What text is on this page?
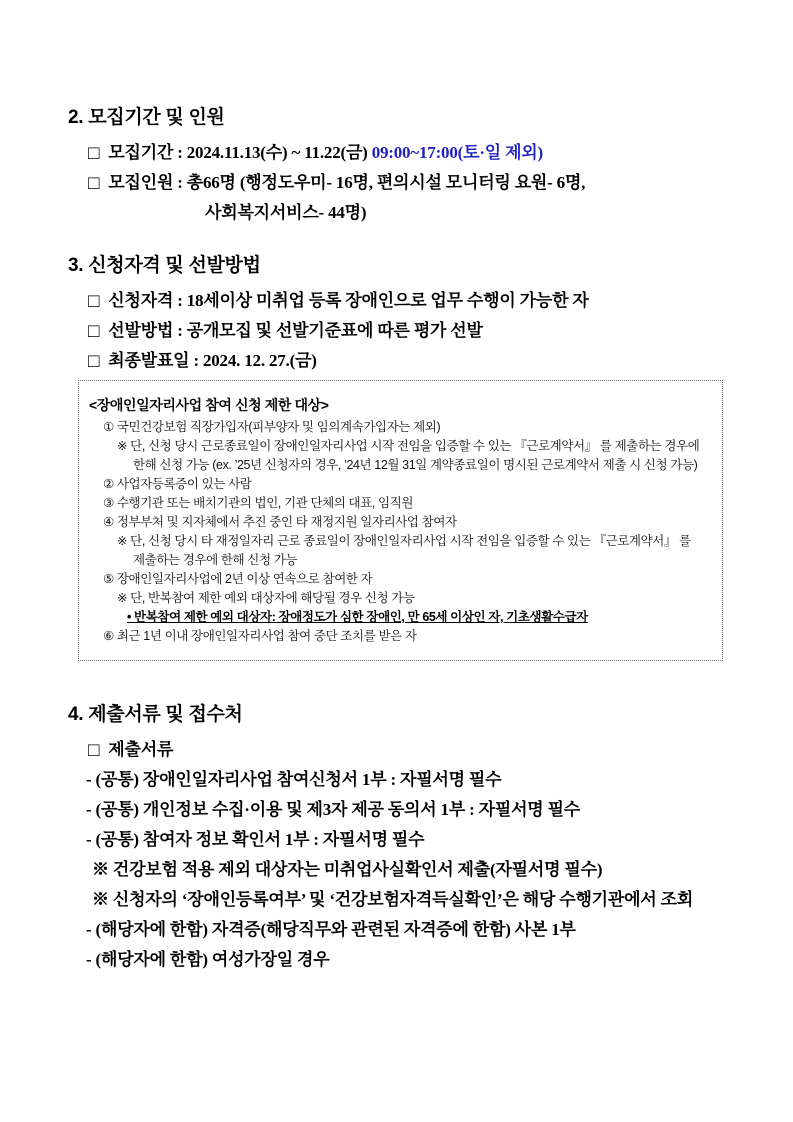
2. 모집기간 및 인원
□ 모집기간 : 2024.11.13(수) ~ 11.22(금) 09:00~17:00(토·일 제외)
□ 모집인원 : 총66명 (행정도우미- 16명, 편의시설 모니터링 요원- 6명,
사회복지서비스- 44명)
3. 신청자격 및 선발방법
□ 신청자격 : 18세이상 미취업 등록 장애인으로 업무 수행이 가능한 자
□ 선발방법 : 공개모집 및 선발기준표에 따른 평가 선발
□ 최종발표일 : 2024. 12. 27.(금)
<장애인일자리사업 참여 신청 제한 대상>
① 국민건강보험 직장가입자(피부양자 및 임의계속가입자는 제외)
※ 단, 신청 당시 근로종료일이 장애인일자리사업 시작 전임을 입증할 수 있는 『근로계약서』 를 제출하는 경우에
한해 신청 가능 (ex. ’25년 신청자의 경우, ’24년 12월 31일 계약종료일이 명시된 근로계약서 제출 시 신청 가능)
② 사업자등록증이 있는 사람
③ 수행기관 또는 배치기관의 법인, 기관 단체의 대표, 임직원
④ 정부부처 및 지자체에서 추진 중인 타 재정지원 일자리사업 참여자
※ 단, 신청 당시 타 재정일자리 근로 종료일이 장애인일자리사업 시작 전임을 입증할 수 있는 『근로계약서』 를
제출하는 경우에 한해 신청 가능
⑤ 장애인일자리사업에 2년 이상 연속으로 참여한 자
※ 단, 반복참여 제한 예외 대상자에 해당될 경우 신청 가능
• 반복참여 제한 예외 대상자: 장애정도가 심한 장애인, 만 65세 이상인 자, 기초생활수급자
⑥ 최근 1년 이내 장애인일자리사업 참여 중단 조치를 받은 자
4. 제출서류 및 접수처
□ 제출서류
- (공통) 장애인일자리사업 참여신청서 1부 : 자필서명 필수
- (공통) 개인정보 수집·이용 및 제3자 제공 동의서 1부 : 자필서명 필수
- (공통) 참여자 정보 확인서 1부 : 자필서명 필수
※ 건강보험 적용 제외 대상자는 미취업사실확인서 제출(자필서명 필수)
※ 신청자의 ‘장애인등록여부’ 및 ‘건강보험자격득실확인’은 해당 수행기관에서 조회
- (해당자에 한함) 자격증(해당직무와 관련된 자격증에 한함) 사본 1부
- (해당자에 한함) 여성가장일 경우
